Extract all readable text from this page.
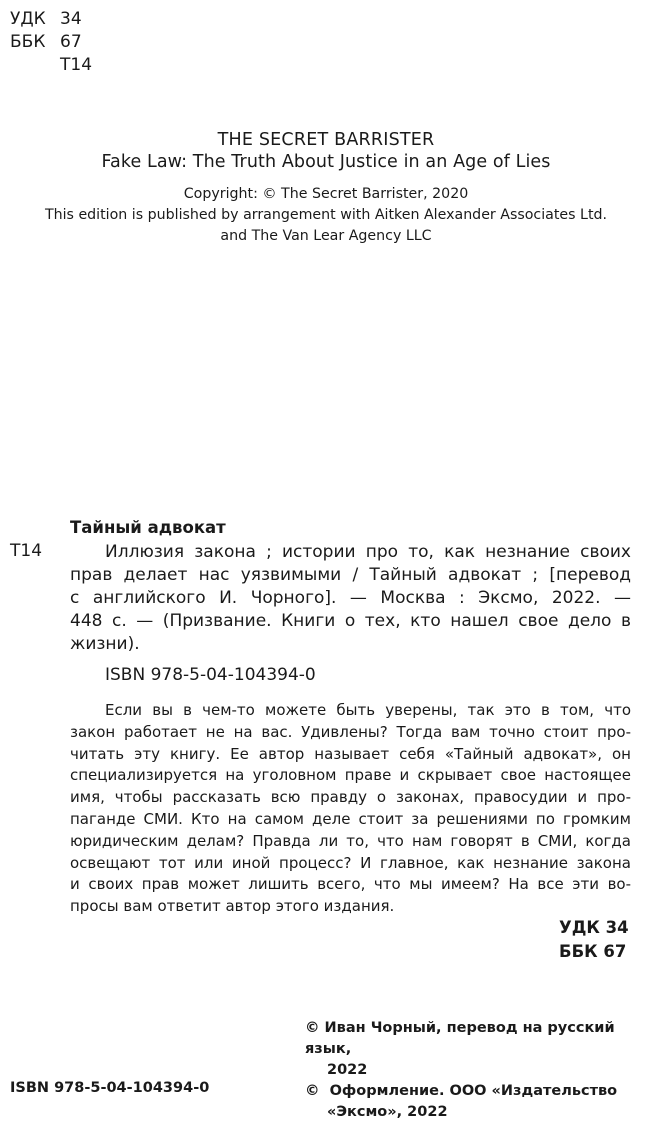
УДК 34
ББК 67
Т14
THE SECRET BARRISTER
Fake Law: The Truth About Justice in an Age of Lies
Copyright: © The Secret Barrister, 2020
This edition is published by arrangement with Aitken Alexander Associates Ltd.
and The Van Lear Agency LLC
Тайный адвокат
Т14	Иллюзия закона ; истории про то, как незнание своих
прав делает нас уязвимыми / Тайный адвокат ; [перевод
с английского И. Чорного]. — Москва : Эксмо, 2022. —
448 с. — (Призвание. Книги о тех, кто нашел свое дело в
жизни).
ISBN 978-5-04-104394-0
Если вы в чем-то можете быть уверены, так это в том, что
закон работает не на вас. Удивлены? Тогда вам точно стоит про-
читать эту книгу. Ее автор называет себя «Тайный адвокат», он
специализируется на уголовном праве и скрывает свое настоящее
имя, чтобы рассказать всю правду о законах, правосудии и про-
паганде СМИ. Кто на самом деле стоит за решениями по громким
юридическим делам? Правда ли то, что нам говорят в СМИ, когда
освещают тот или иной процесс? И главное, как незнание закона
и своих прав может лишить всего, что мы имеем? На все эти во-
просы вам ответит автор этого издания.
УДК 34
ББК 67
© Иван Чорный, перевод на русский язык,
2022
©  Оформление. ООО «Издательство
«Эксмо», 2022
ISBN 978-5-04-104394-0
